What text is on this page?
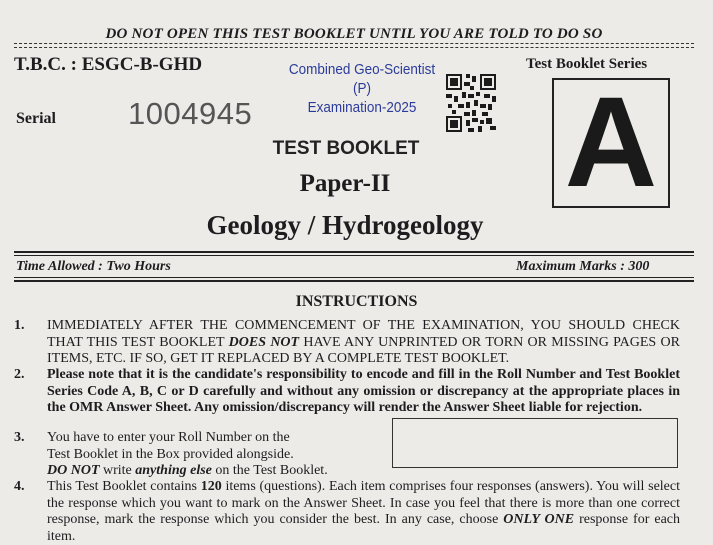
DO NOT OPEN THIS TEST BOOKLET UNTIL YOU ARE TOLD TO DO SO
T.B.C. : ESGC-B-GHD	Test Booklet Series
Combined Geo-Scientist (P)
Examination-2025
Serial 1004945 A
TEST BOOKLET
Paper-II
Geology / Hydrogeology
Time Allowed : Two Hours	Maximum Marks : 300
INSTRUCTIONS
1.	IMMEDIATELY AFTER THE COMMENCEMENT OF THE EXAMINATION, YOU SHOULD CHECK THAT THIS TEST BOOKLET DOES NOT HAVE ANY UNPRINTED OR TORN OR MISSING PAGES OR ITEMS, ETC. IF SO, GET IT REPLACED BY A COMPLETE TEST BOOKLET.
2.	Please note that it is the candidate's responsibility to encode and fill in the Roll Number and Test Booklet Series Code A, B, C or D carefully and without any omission or discrepancy at the appropriate places in the OMR Answer Sheet. Any omission/discrepancy will render the Answer Sheet liable for rejection.
3.	You have to enter your Roll Number on the
Test Booklet in the Box provided alongside.
DO NOT write anything else on the Test Booklet.
4.	This Test Booklet contains 120 items (questions). Each item comprises four responses (answers). You will select the response which you want to mark on the Answer Sheet. In case you feel that there is more than one correct response, mark the response which you consider the best. In any case, choose ONLY ONE response for each item.
